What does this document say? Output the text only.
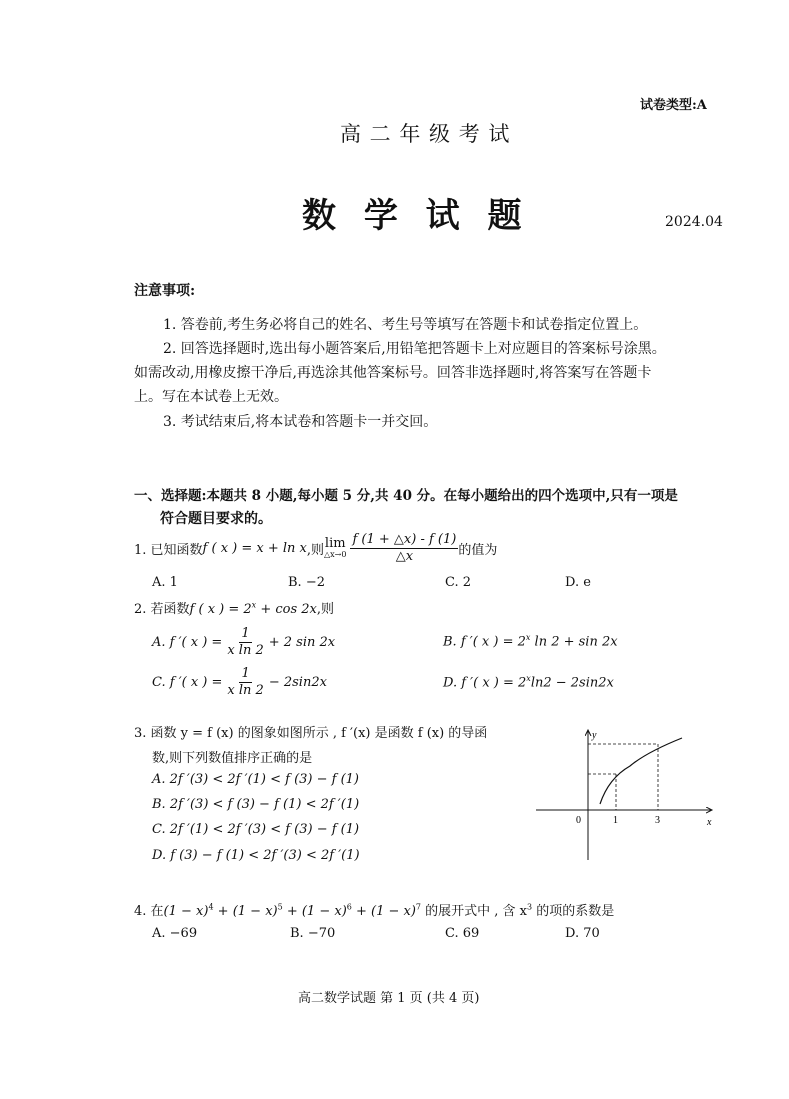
试卷类型:A
高 二 年 级 考 试
数 学 试 题	2024.04
注意事项:
1. 答卷前,考生务必将自己的姓名、考生号等填写在答题卡和试卷指定位置上。
2. 回答选择题时,选出每小题答案后,用铅笔把答题卡上对应题目的答案标号涂黑。
如需改动,用橡皮擦干净后,再选涂其他答案标号。回答非选择题时,将答案写在答题卡
上。写在本试卷上无效。
3. 考试结束后,将本试卷和答题卡一并交回。
一、选择题:本题共 8 小题,每小题 5 分,共 40 分。在每小题给出的四个选项中,只有一项是
符合题目要求的。
1. 已知函数 f ( x ) = x + ln x ,则 lim
△x→0 $\frac{f (1 + \triangle x) - f (1)}{\triangle x}$ 的值为
A. 1	B. −2	C. 2	D. e
2. 若函数f ( x ) = $2^x + \cos 2x$,则
A. f ′( x ) = $\frac{1}{\text{x ln 2}} + 2$ sin 2x	B. f ′( x ) = $2^x$ ln 2 + sin 2x
C. f ′( x ) = $\frac{1}{\text{x ln 2}} - 2\sin 2x$	D. f ′( x ) = $2^x\ln 2 - 2\sin 2x$
3. 函数 y = f (x) 的图象如图所示 , f ′(x) 是函数 f (x) 的导函
数,则下列数值排序正确的是
A. 2f ′(3) < 2f ′(1) < f (3) − f (1)
B. 2f ′(3) < f (3) − f (1) < 2f ′(1)
C. 2f ′(1) < 2f ′(3) < f (3) − f (1)
D. f (3) − f (1) < 2f ′(3) < 2f ′(1)
y
x
0	1	3
4. 在$(1 - x)^4 + (1 - x)^5 + (1 - x)^6 + (1 - x)^7$ 的展开式中 , 含 $x^3$ 的项的系数是
A. −69	B. −70	C. 69	D. 70
高二数学试题 第 1 页 (共 4 页)
